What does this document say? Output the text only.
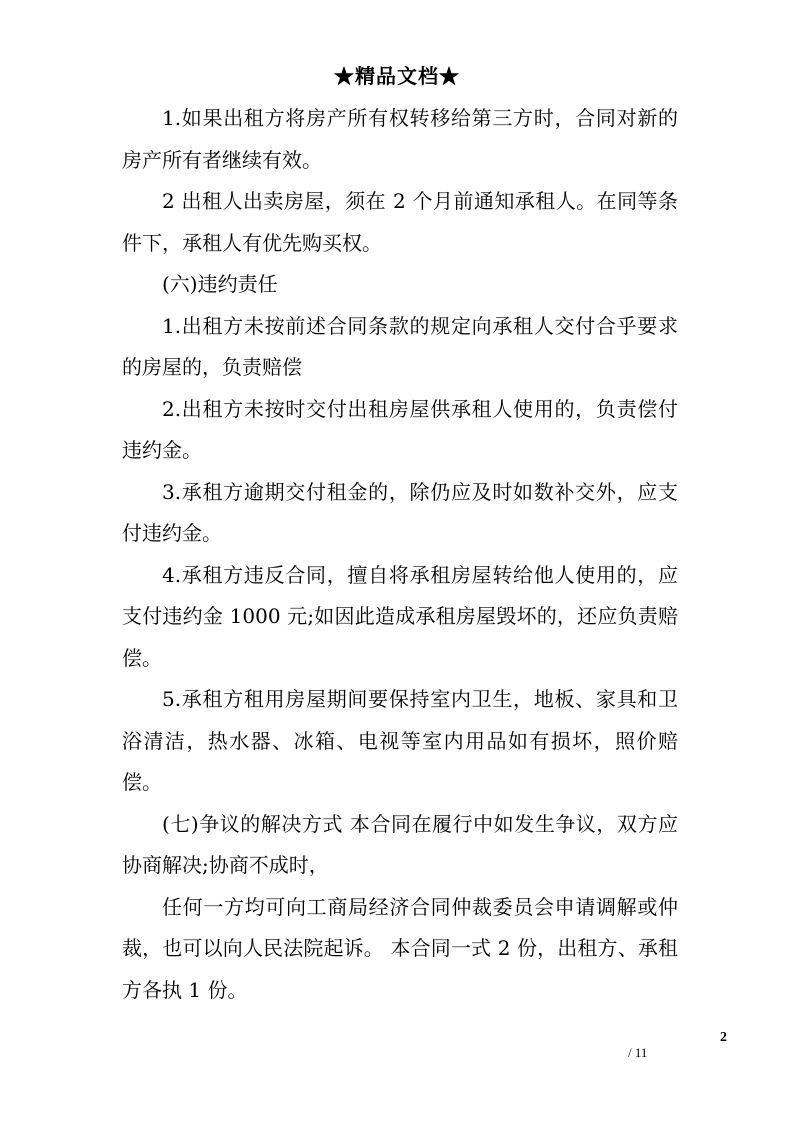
★精品文档★

1.如果出租方将房产所有权转移给第三方时，合同对新的房产所有者继续有效。

2 出租人出卖房屋，须在 2 个月前通知承租人。在同等条件下，承租人有优先购买权。

(六)违约责任

1.出租方未按前述合同条款的规定向承租人交付合乎要求的房屋的，负责赔偿

2.出租方未按时交付出租房屋供承租人使用的，负责偿付违约金。

3.承租方逾期交付租金的，除仍应及时如数补交外，应支付违约金。

4.承租方违反合同，擅自将承租房屋转给他人使用的，应支付违约金 1000 元;如因此造成承租房屋毁坏的，还应负责赔偿。

5.承租方租用房屋期间要保持室内卫生，地板、家具和卫浴清洁，热水器、冰箱、电视等室内用品如有损坏，照价赔偿。

(七)争议的解决方式 本合同在履行中如发生争议，双方应协商解决;协商不成时，

任何一方均可向工商局经济合同仲裁委员会申请调解或仲裁，也可以向人民法院起诉。 本合同一式 2 份，出租方、承租方各执 1 份。

2
/ 11
